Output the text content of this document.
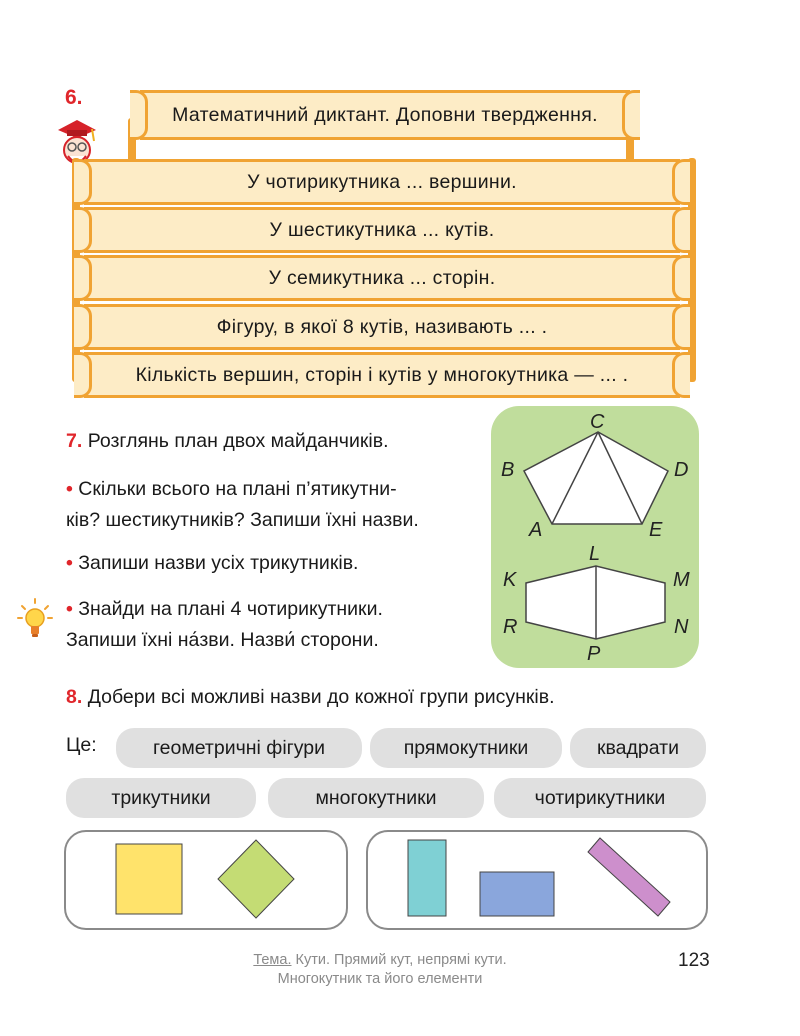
6.
Математичний диктант. Доповни твердження.
У чотирикутника ... вершини.
У шестикутника ... кутів.
У семикутника ... сторін.
Фігуру, в якої 8 кутів, називають ... .
Кількість вершин, сторін і кутів у многокутника — ... .
7. Розглянь план двох майданчиків.
• Скільки всього на плані п’ятикутни-
ків? шестикутників? Запиши їхні назви.
• Запиши назви усіх трикутників.
• Знайди на плані 4 чотирикутники.
Запиши їхні на́зви. Назви́ сторони.
C
B	D
A	E
L
K	M
R	N
P
8. Добери всі можливі назви до кожної групи рисунків.
Це:	геометричні фігури	прямокутники	квадрати
трикутники	многокутники	чотирикутники
Тема. Кути. Прямий кут, непрямі кути.
Многокутник та його елементи
123
